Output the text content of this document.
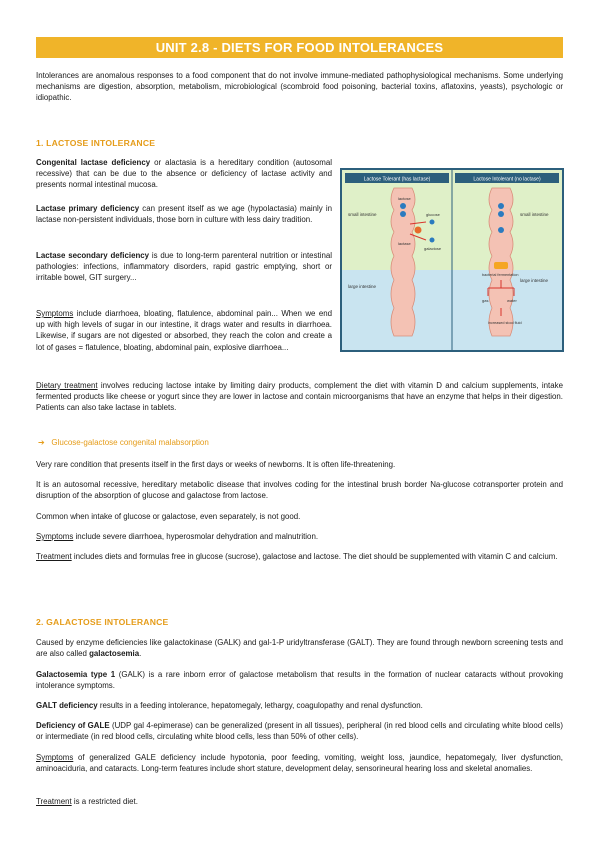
UNIT 2.8 - DIETS FOR FOOD INTOLERANCES

Intolerances are anomalous responses to a food component that do not involve immune-mediated pathophysiological mechanisms. Some underlying mechanisms are digestion, absorption, metabolism, microbiological (scombroid food poisoning, bacterial toxins, aflatoxins, yeasts), psychologic or idiopathic.

1. LACTOSE INTOLERANCE

Congenital lactase deficiency or alactasia is a hereditary condition (autosomal recessive) that can be due to the absence or deficiency of lactase activity and presents normal intestinal mucosa.

Lactase primary deficiency can present itself as we age (hypolactasia) mainly in lactase non-persistent individuals, those born in culture with less dairy tradition.

Lactase secondary deficiency is due to long-term parenteral nutrition or intestinal pathologies: infections, inflammatory disorders, rapid gastric emptying, short or irritable bowel, GIT surgery...

Symptoms include diarrhoea, bloating, flatulence, abdominal pain... When we end up with high levels of sugar in our intestine, it drags water and results in diarrhoea. Likewise, if sugars are not digested or absorbed, they reach the colon and create a lot of gases = flatulence, bloating, abdominal pain, explosive diarrhoea...

Lactose Tolerant (has lactase)	Lactose Intolerant (no lactase)
small intestine
large intestine
small intestine
large intestine
lactose
lactase
glucose
galactose
bacterial fermentation
gas	water
increased stool fluid

Dietary treatment involves reducing lactose intake by limiting dairy products, complement the diet with vitamin D and calcium supplements, intake fermented products like cheese or yogurt since they are lower in lactose and contain microorganisms that have an enzyme that helps in their digestion. Patients can also take lactase in tablets.

➔ Glucose-galactose congenital malabsorption

Very rare condition that presents itself in the first days or weeks of newborns. It is often life-threatening.

It is an autosomal recessive, hereditary metabolic disease that involves coding for the intestinal brush border Na-glucose cotransporter protein and disruption of the absorption of glucose and galactose from lactose.

Common when intake of glucose or galactose, even separately, is not good.

Symptoms include severe diarrhoea, hyperosmolar dehydration and malnutrition.

Treatment includes diets and formulas free in glucose (sucrose), galactose and lactose. The diet should be supplemented with vitamin C and calcium.

2. GALACTOSE INTOLERANCE

Caused by enzyme deficiencies like galactokinase (GALK) and gal-1-P uridyltransferase (GALT). They are found through newborn screening tests and are also called galactosemia.

Galactosemia type 1 (GALK) is a rare inborn error of galactose metabolism that results in the formation of nuclear cataracts without provoking intolerance symptoms.

GALT deficiency results in a feeding intolerance, hepatomegaly, lethargy, coagulopathy and renal dysfunction.

Deficiency of GALE (UDP gal 4-epimerase) can be generalized (present in all tissues), peripheral (in red blood cells and circulating white blood cells) or intermediate (in red blood cells, circulating white blood cells, less than 50% of other cells).

Symptoms of generalized GALE deficiency include hypotonia, poor feeding, vomiting, weight loss, jaundice, hepatomegaly, liver dysfunction, aminoaciduria, and cataracts. Long-term features include short stature, development delay, sensorineural hearing loss and skeletal anomalies.

Treatment is a restricted diet.
